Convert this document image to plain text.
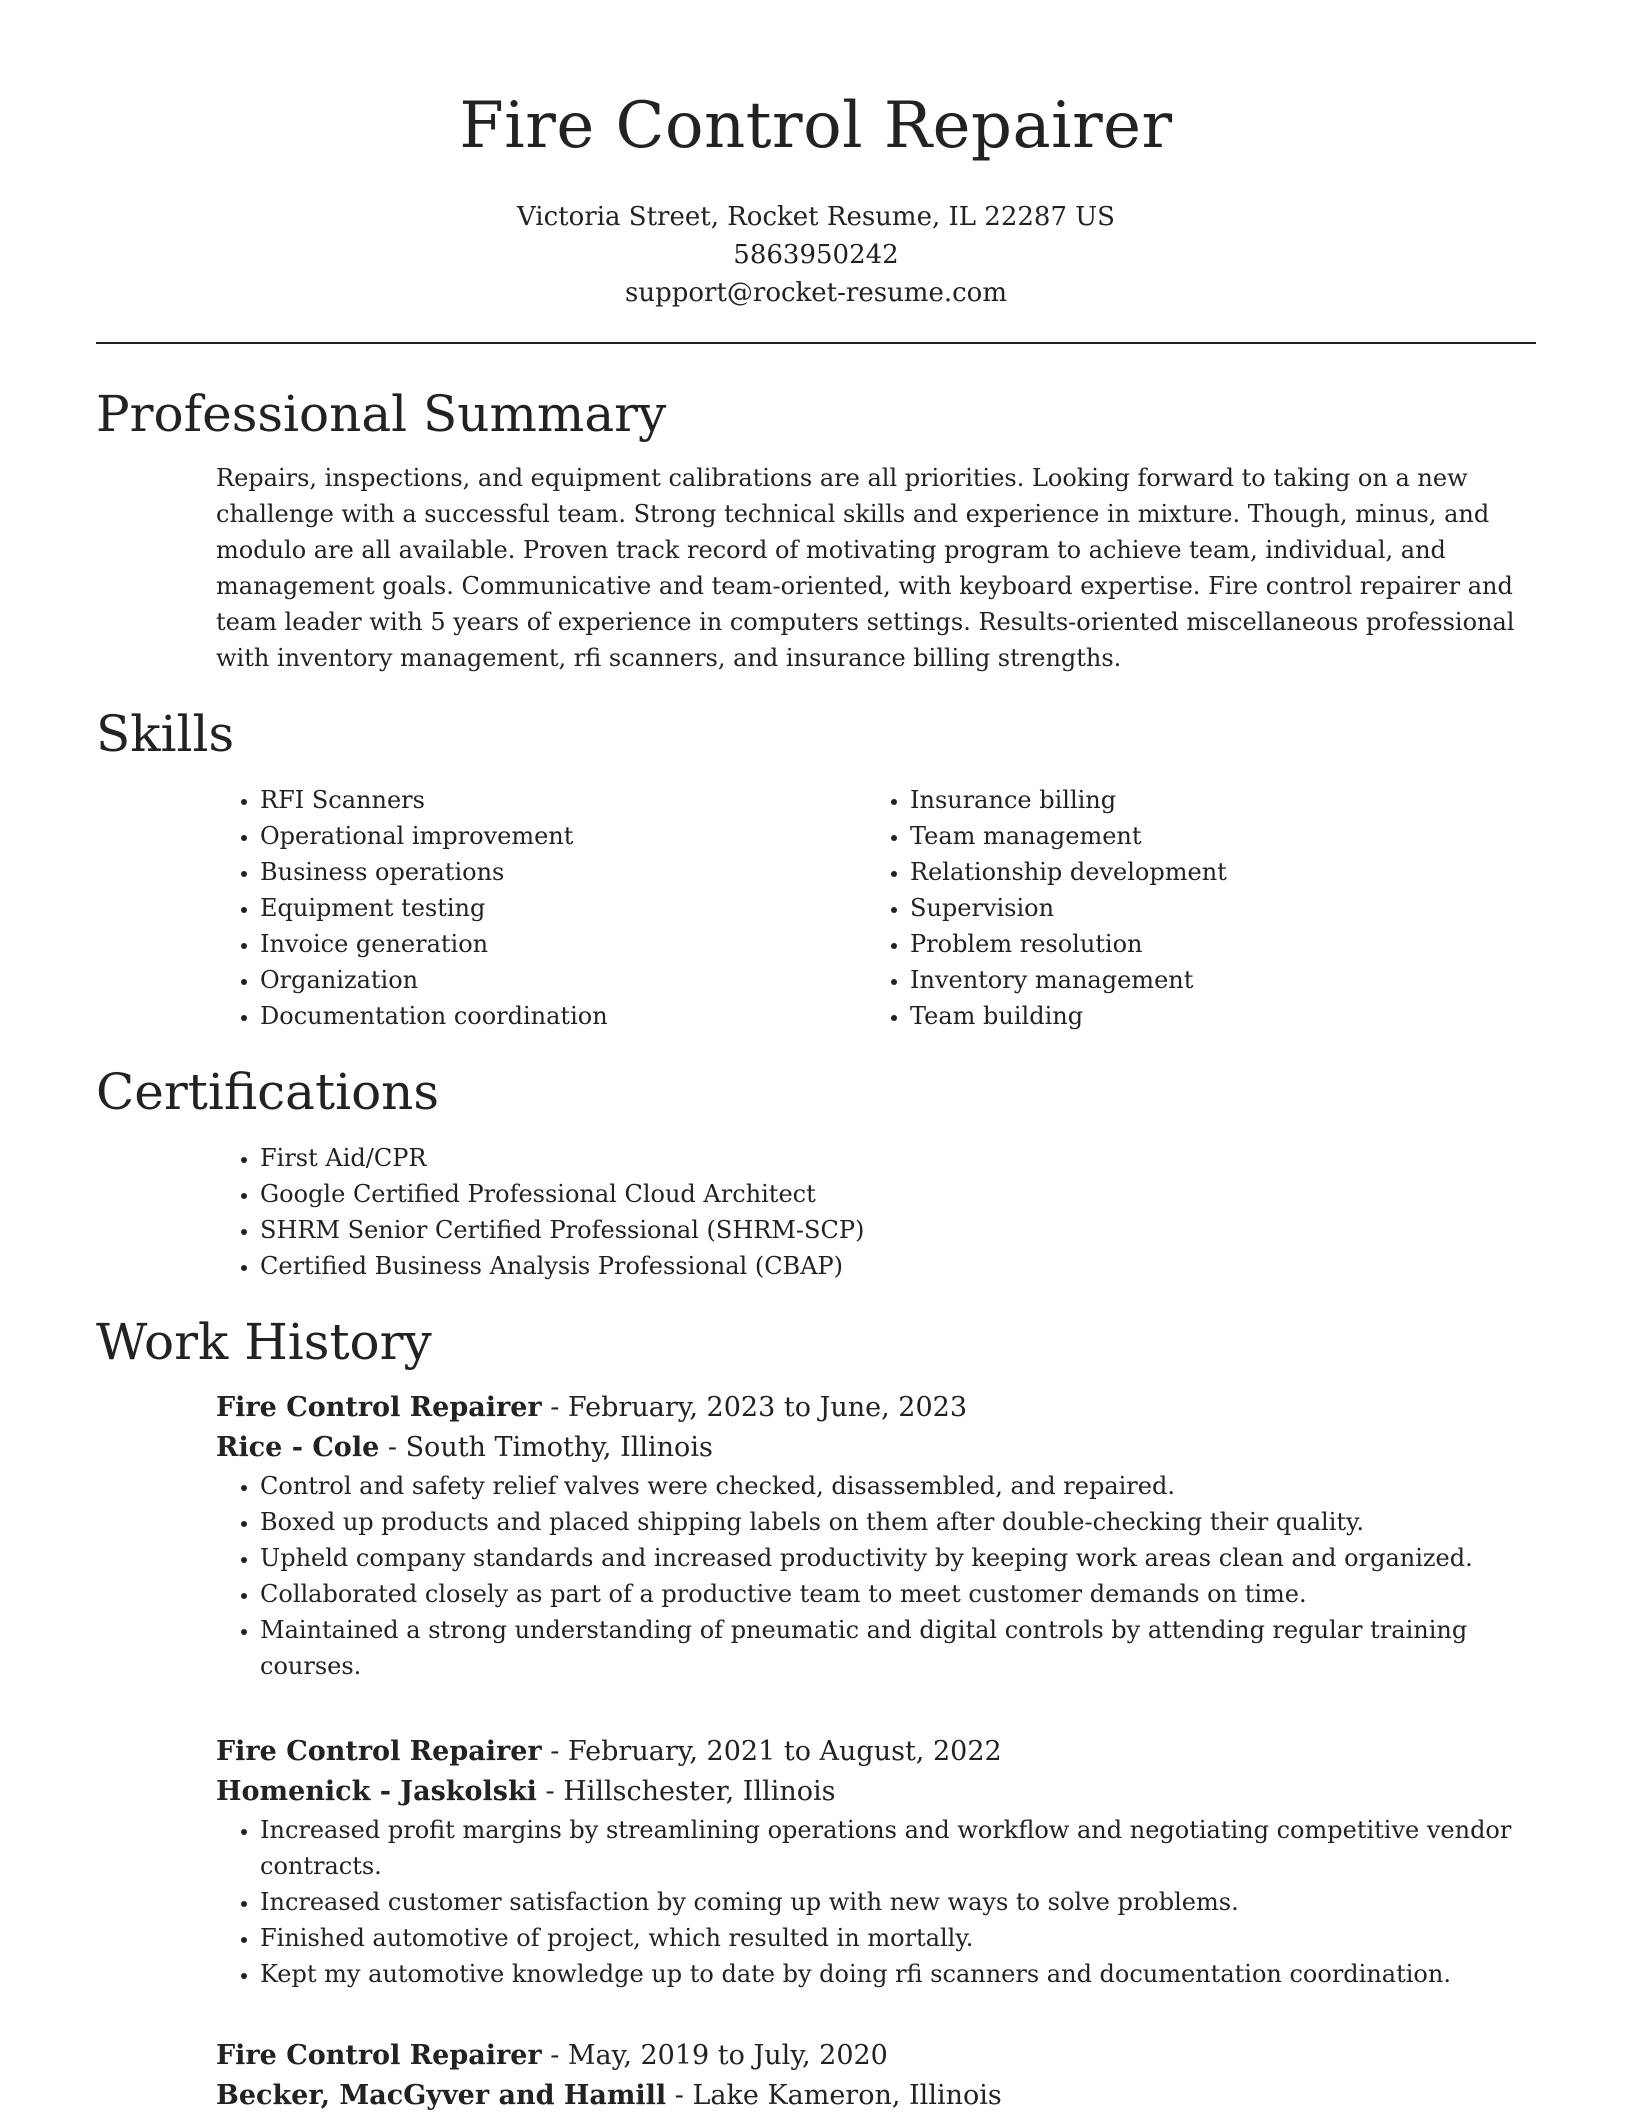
Fire Control Repairer

Victoria Street, Rocket Resume, IL 22287 US

5863950242

support@rocket-resume.com

Professional Summary

Repairs, inspections, and equipment calibrations are all priorities. Looking forward to taking on a new challenge with a successful team. Strong technical skills and experience in mixture. Though, minus, and modulo are all available. Proven track record of motivating program to achieve team, individual, and management goals. Communicative and team-oriented, with keyboard expertise. Fire control repairer and team leader with 5 years of experience in computers settings. Results-oriented miscellaneous professional with inventory management, rfi scanners, and insurance billing strengths.

Skills
• RFI Scanners
• Operational improvement
• Business operations
• Equipment testing
• Invoice generation
• Organization
• Documentation coordination
• Insurance billing
• Team management
• Relationship development
• Supervision
• Problem resolution
• Inventory management
• Team building
Certifications
• First Aid/CPR
• Google Certified Professional Cloud Architect
• SHRM Senior Certified Professional (SHRM-SCP)
• Certified Business Analysis Professional (CBAP)
Work History

Fire Control Repairer - February, 2023 to June, 2023

Rice - Cole - South Timothy, Illinois

• Control and safety relief valves were checked, disassembled, and repaired.
• Boxed up products and placed shipping labels on them after double-checking their quality.
• Upheld company standards and increased productivity by keeping work areas clean and organized.
• Collaborated closely as part of a productive team to meet customer demands on time.
• Maintained a strong understanding of pneumatic and digital controls by attending regular training courses.

Fire Control Repairer - February, 2021 to August, 2022

Homenick - Jaskolski - Hillschester, Illinois

• Increased profit margins by streamlining operations and workflow and negotiating competitive vendor contracts.
• Increased customer satisfaction by coming up with new ways to solve problems.
• Finished automotive of project, which resulted in mortally.
• Kept my automotive knowledge up to date by doing rfi scanners and documentation coordination.

Fire Control Repairer - May, 2019 to July, 2020

Becker, MacGyver and Hamill - Lake Kameron, Illinois
